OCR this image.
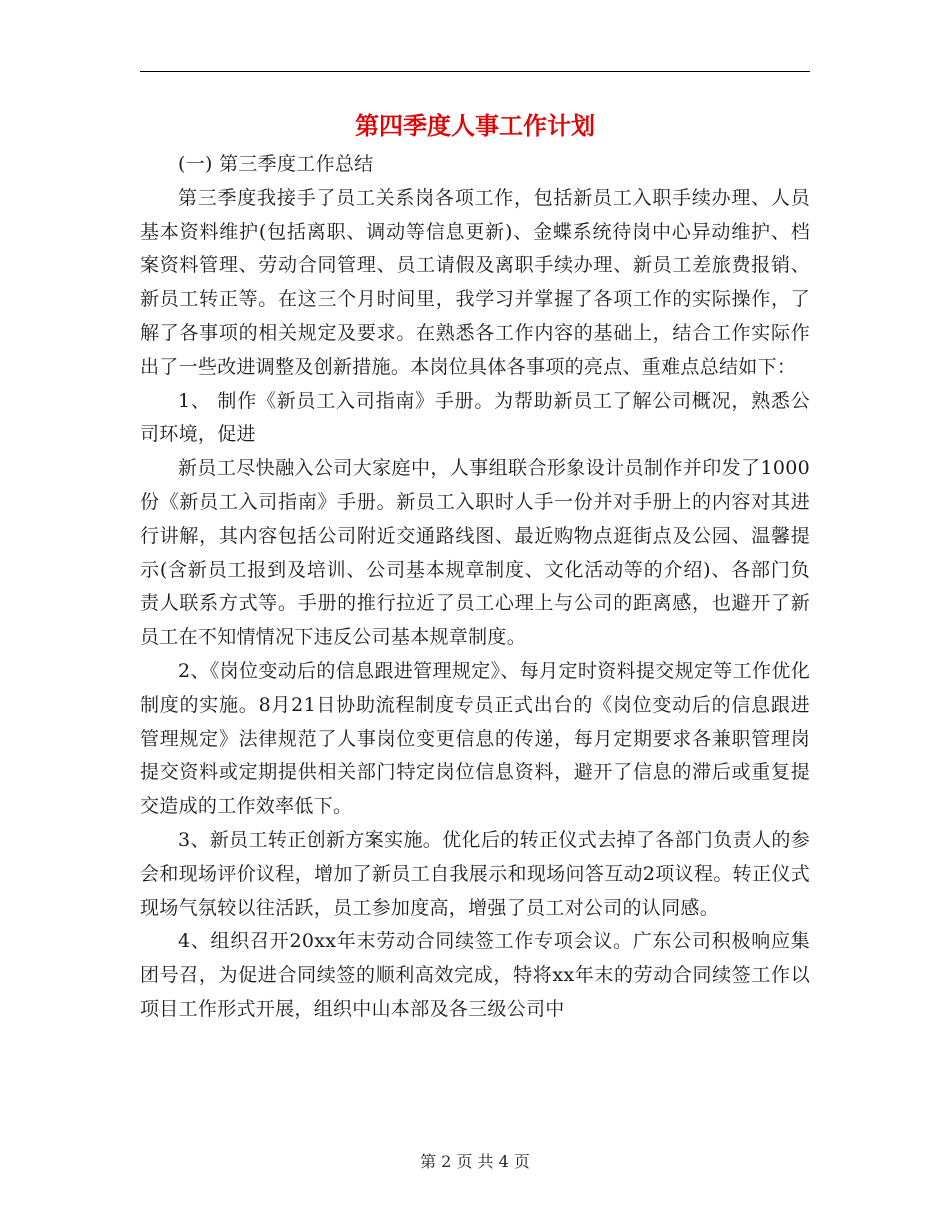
第四季度人事工作计划

(一) 第三季度工作总结

第三季度我接手了员工关系岗各项工作，包括新员工入职手续办理、人员基本资料维护(包括离职、调动等信息更新)、金蝶系统待岗中心异动维护、档案资料管理、劳动合同管理、员工请假及离职手续办理、新员工差旅费报销、新员工转正等。在这三个月时间里，我学习并掌握了各项工作的实际操作，了解了各事项的相关规定及要求。在熟悉各工作内容的基础上，结合工作实际作出了一些改进调整及创新措施。本岗位具体各事项的亮点、重难点总结如下：

1、 制作《新员工入司指南》手册。为帮助新员工了解公司概况，熟悉公司环境，促进

新员工尽快融入公司大家庭中，人事组联合形象设计员制作并印发了1000份《新员工入司指南》手册。新员工入职时人手一份并对手册上的内容对其进行讲解，其内容包括公司附近交通路线图、最近购物点逛街点及公园、温馨提示(含新员工报到及培训、公司基本规章制度、文化活动等的介绍)、各部门负责人联系方式等。手册的推行拉近了员工心理上与公司的距离感，也避开了新员工在不知情情况下违反公司基本规章制度。

2、《岗位变动后的信息跟进管理规定》、每月定时资料提交规定等工作优化制度的实施。8月21日协助流程制度专员正式出台的《岗位变动后的信息跟进管理规定》法律规范了人事岗位变更信息的传递，每月定期要求各兼职管理岗提交资料或定期提供相关部门特定岗位信息资料，避开了信息的滞后或重复提交造成的工作效率低下。

3、新员工转正创新方案实施。优化后的转正仪式去掉了各部门负责人的参会和现场评价议程，增加了新员工自我展示和现场问答互动2项议程。转正仪式现场气氛较以往活跃，员工参加度高，增强了员工对公司的认同感。

4、组织召开20xx年末劳动合同续签工作专项会议。广东公司积极响应集团号召，为促进合同续签的顺利高效完成，特将xx年末的劳动合同续签工作以项目工作形式开展，组织中山本部及各三级公司中

第 2 页 共 4 页
